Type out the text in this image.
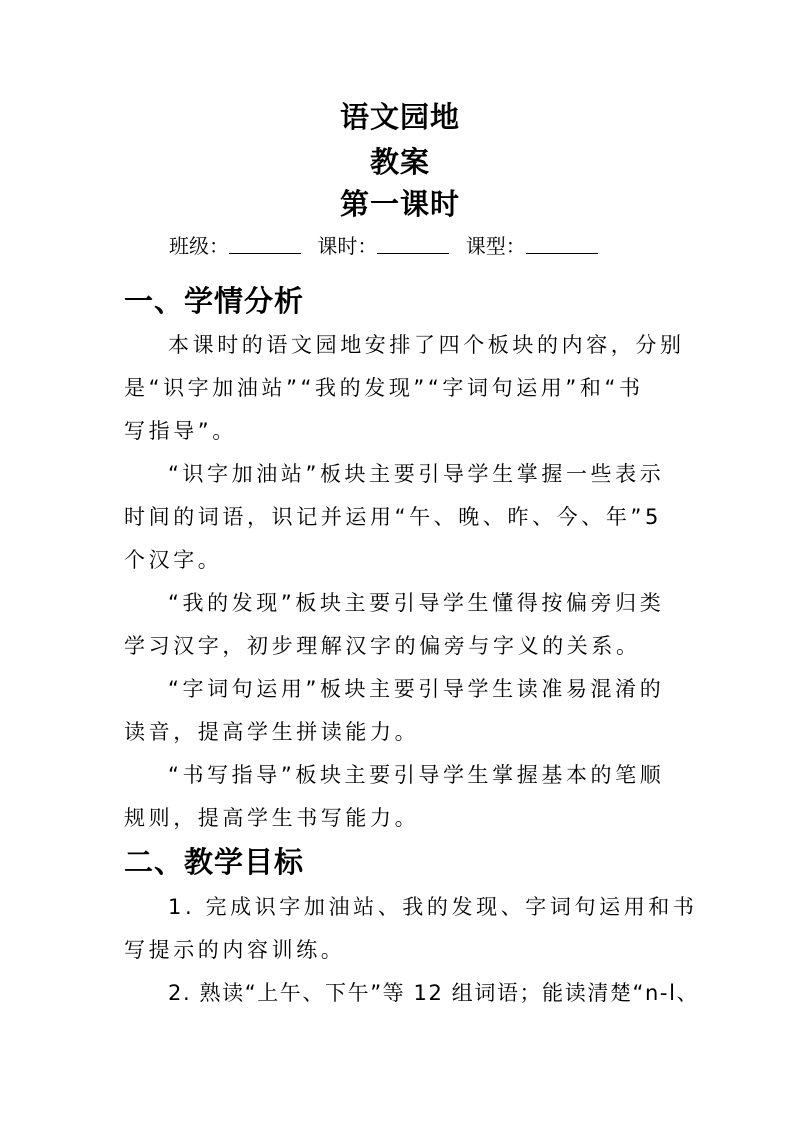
语文园地
教案
第一课时
班级：	课时：	课型：
一、学情分析
本课时的语文园地安排了四个板块的内容，分别
是“识字加油站”“我的发现”“字词句运用”和“书
写指导”。
“识字加油站”板块主要引导学生掌握一些表示
时间的词语，识记并运用“午、晚、昨、今、年”5
个汉字。
“我的发现”板块主要引导学生懂得按偏旁归类
学习汉字，初步理解汉字的偏旁与字义的关系。
“字词句运用”板块主要引导学生读准易混淆的
读音，提高学生拼读能力。
“书写指导”板块主要引导学生掌握基本的笔顺
规则，提高学生书写能力。
二、教学目标
1. 完成识字加油站、我的发现、字词句运用和书
写提示的内容训练。
2. 熟读“上午、下午”等 12 组词语；能读清楚“n-l、
